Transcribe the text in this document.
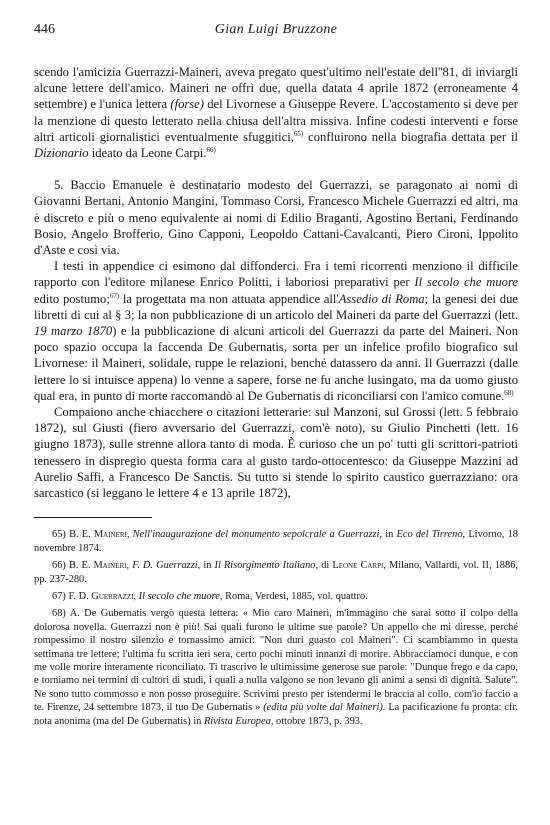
446	Gian Luigi Bruzzone

scendo l'amicizia Guerrazzi-Maineri, aveva pregato quest'ultimo nell'estate dell''81, di inviargli alcune lettere dell'amico. Maineri ne offrì due, quella datata 4 aprile 1872 (erroneamente 4 settembre) e l'unica lettera (forse) del Livornese a Giuseppe Revere. L'accostamento si deve per la menzione di questo letterato nella chiusa dell'altra missiva. Infine codesti interventi e forse altri articoli giornalistici eventualmente sfuggitici,$^{65)}$ confluirono nella biografia dettata per il Dizionario ideato da Leone Carpi.$^{66)}$

5. Baccio Emanuele è destinatario modesto del Guerrazzi, se paragonato ai nomi di Giovanni Bertani, Antonio Mangini, Tommaso Corsi, Francesco Michele Guerrazzi ed altri, ma è discreto e più o meno equivalente ai nomi di Edilio Braganti, Agostino Bertani, Ferdinando Bosio, Angelo Brofferio, Gino Capponi, Leopoldo Cattani-Cavalcanti, Piero Cironi, Ippolito d'Aste e così via.

I testi in appendice ci esimono dal diffonderci. Fra i temi ricorrenti menziono il difficile rapporto con l'editore milanese Enrico Politti, i laboriosi preparativi per Il secolo che muore edito postumo;$^{67)}$ la progettata ma non attuata appendice all'Assedio di Roma; la genesi dei due libretti di cui al § 3; la non pubblicazione di un articolo del Maineri da parte del Guerrazzi (lett. 19 marzo 1870) e la pubblicazione di alcuni articoli del Guerrazzi da parte del Maineri. Non poco spazio occupa la faccenda De Gubernatis, sorta per un infelice profilo biografico sul Livornese: il Maineri, solidale, ruppe le relazioni, benché datassero da anni. Il Guerrazzi (dalle lettere lo si intuisce appena) lo venne a sapere, forse ne fu anche lusingato, ma da uomo giusto qual era, in punto di morte raccomandò al De Gubernatis di riconciliarsi con l'amico comune.$^{68)}$

Compaiono anche chiacchere o citazioni letterarie: sul Manzoni, sul Grossi (lett. 5 febbraio 1872), sul Giusti (fiero avversario del Guerrazzi, com'è noto), su Giulio Pinchetti (lett. 16 giugno 1873), sulle strenne allora tanto di moda. È curioso che un po' tutti gli scrittori-patrioti tenessero in dispregio questa forma cara al gusto tardo-ottocentesco: da Giuseppe Mazzini ad Aurelio Saffi, a Francesco De Sanctis. Su tutto si stende lo spirito caustico guerrazziano: ora sarcastico (si leggano le lettere 4 e 13 aprile 1872),

65) B. E. Maineri, Nell'inaugurazione del monumento sepolcrale a Guerrazzi, in Eco del Tirreno, Livorno, 18 novembre 1874.

66) B. E. Maineri, F. D. Guerrazzi, in Il Risorgimento Italiano, di Leone Carpi, Milano, Vallardi, vol. II, 1886, pp. 237-280.

67) F. D. Guerrazzi, Il secolo che muore, Roma, Verdesi, 1885, vol. quattro.

68) A. De Gubernatis vergò questa lettera: « Mio caro Maineri, m'immagino che sarai sotto il colpo della dolorosa novella. Guerrazzi non è più! Sai quali furono le ultime sue parole? Un appello che mi diresse, perché rompessimo il nostro silenzio e tornassimo amici: "Non duri guasto col Maineri". Ci scambiammo in questa settimana tre lettere; l'ultima fu scritta ieri sera, certo pochi minuti innanzi di morire. Abbracciamoci dunque, e con me volle morire interamente riconciliato. Ti trascrivo le ultimissime generose sue parole: "Dunque frego e da capo, e torniamo nei termini di cultori di studi, i quali a nulla valgono se non levano gli animi a sensi di dignità. Salute". Ne sono tutto commosso e non posso proseguire. Scrivimi presto per istendermi le braccia al collo, com'io faccio a te. Firenze, 24 settembre 1873, il tuo De Gubernatis » (edita più volte dal Maineri). La pacificazione fu pronta: cfr. nota anonima (ma del De Gubernatis) in Rivista Europea, ottobre 1873, p. 393.
